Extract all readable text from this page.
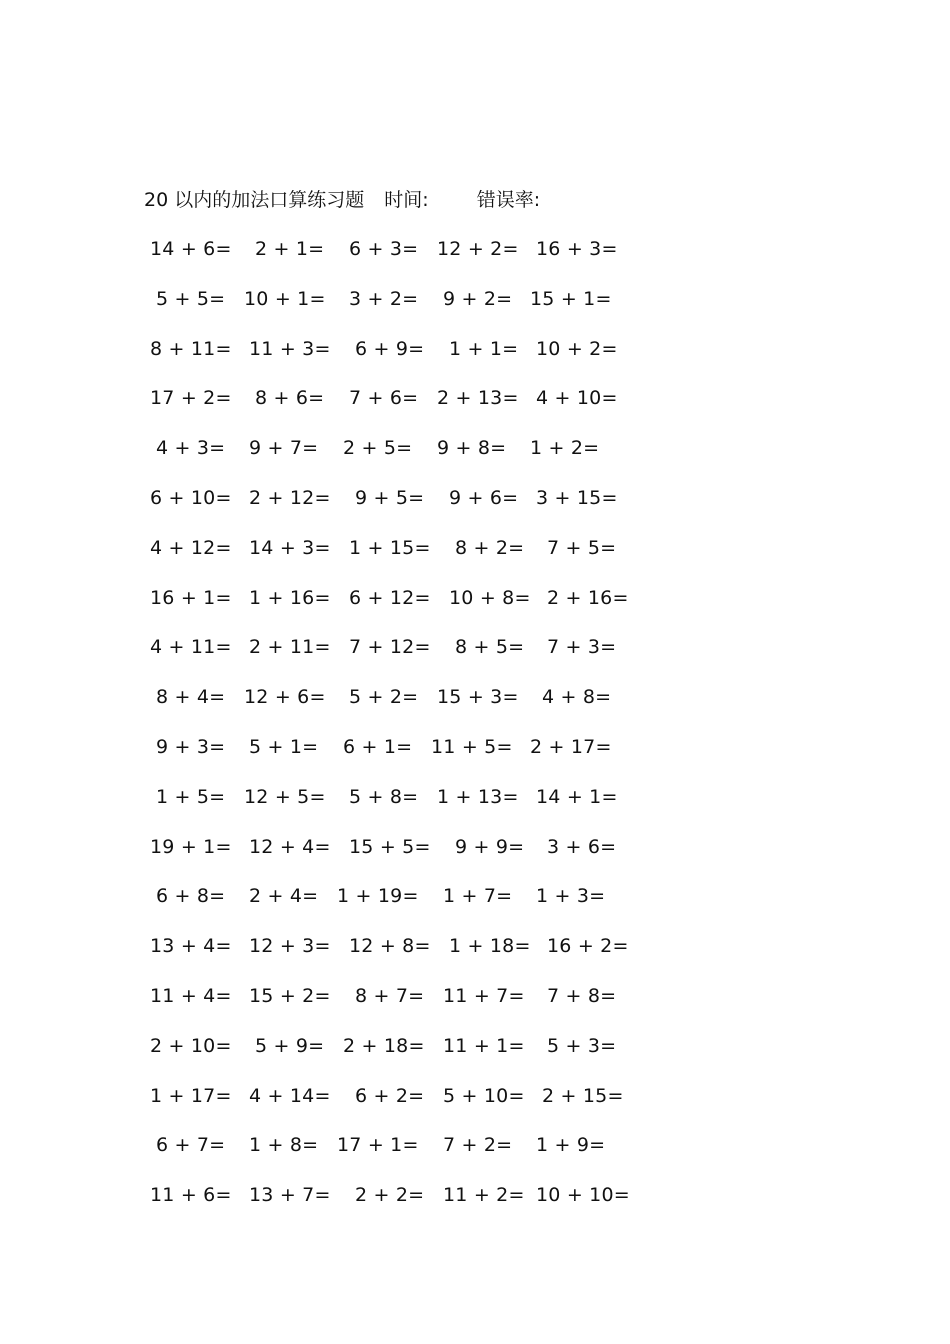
20 以内的加法口算练习题 时间:	错误率:
14 + 6= 2 + 1= 6 + 3= 12 + 2= 16 + 3=
5 + 5= 10 + 1= 3 + 2= 9 + 2= 15 + 1=
8 + 11= 11 + 3= 6 + 9= 1 + 1= 10 + 2=
17 + 2= 8 + 6= 7 + 6= 2 + 13= 4 + 10=
4 + 3= 9 + 7= 2 + 5= 9 + 8= 1 + 2=
6 + 10= 2 + 12= 9 + 5= 9 + 6= 3 + 15=
4 + 12= 14 + 3= 1 + 15= 8 + 2= 7 + 5=
16 + 1= 1 + 16= 6 + 12= 10 + 8= 2 + 16=
4 + 11= 2 + 11= 7 + 12= 8 + 5= 7 + 3=
8 + 4= 12 + 6= 5 + 2= 15 + 3= 4 + 8=
9 + 3= 5 + 1= 6 + 1= 11 + 5= 2 + 17=
1 + 5= 12 + 5= 5 + 8= 1 + 13= 14 + 1=
19 + 1= 12 + 4= 15 + 5= 9 + 9= 3 + 6=
6 + 8= 2 + 4= 1 + 19= 1 + 7= 1 + 3=
13 + 4= 12 + 3= 12 + 8= 1 + 18= 16 + 2=
11 + 4= 15 + 2= 8 + 7= 11 + 7= 7 + 8=
2 + 10= 5 + 9= 2 + 18= 11 + 1= 5 + 3=
1 + 17= 4 + 14= 6 + 2= 5 + 10= 2 + 15=
6 + 7= 1 + 8= 17 + 1= 7 + 2= 1 + 9=
11 + 6= 13 + 7= 2 + 2= 11 + 2= 10 + 10=
